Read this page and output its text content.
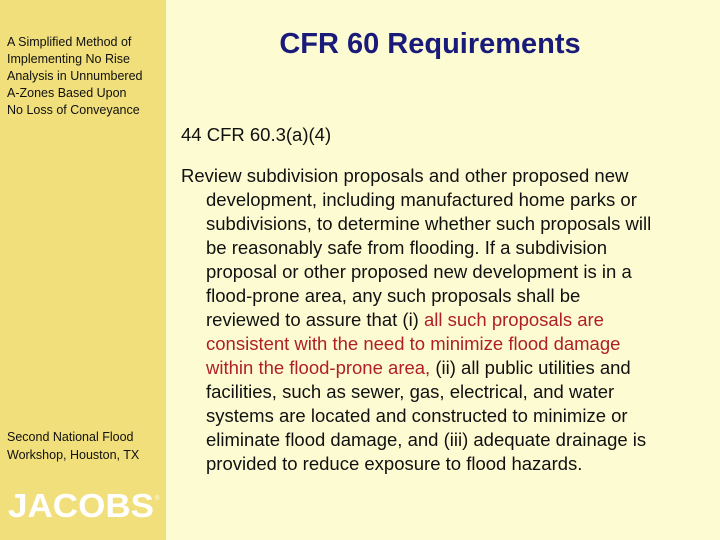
A Simplified Method of
Implementing No Rise
Analysis in Unnumbered
A-Zones Based Upon
No Loss of Conveyance
Second National Flood
Workshop, Houston, TX
JACOBS ®
CFR 60 Requirements
44 CFR 60.3(a)(4)
Review subdivision proposals and other proposed new
development, including manufactured home parks or
subdivisions, to determine whether such proposals will
be reasonably safe from flooding. If a subdivision
proposal or other proposed new development is in a
flood-prone area, any such proposals shall be
reviewed to assure that (i) all such proposals are
consistent with the need to minimize flood damage
within the flood-prone area, (ii) all public utilities and
facilities, such as sewer, gas, electrical, and water
systems are located and constructed to minimize or
eliminate flood damage, and (iii) adequate drainage is
provided to reduce exposure to flood hazards.
